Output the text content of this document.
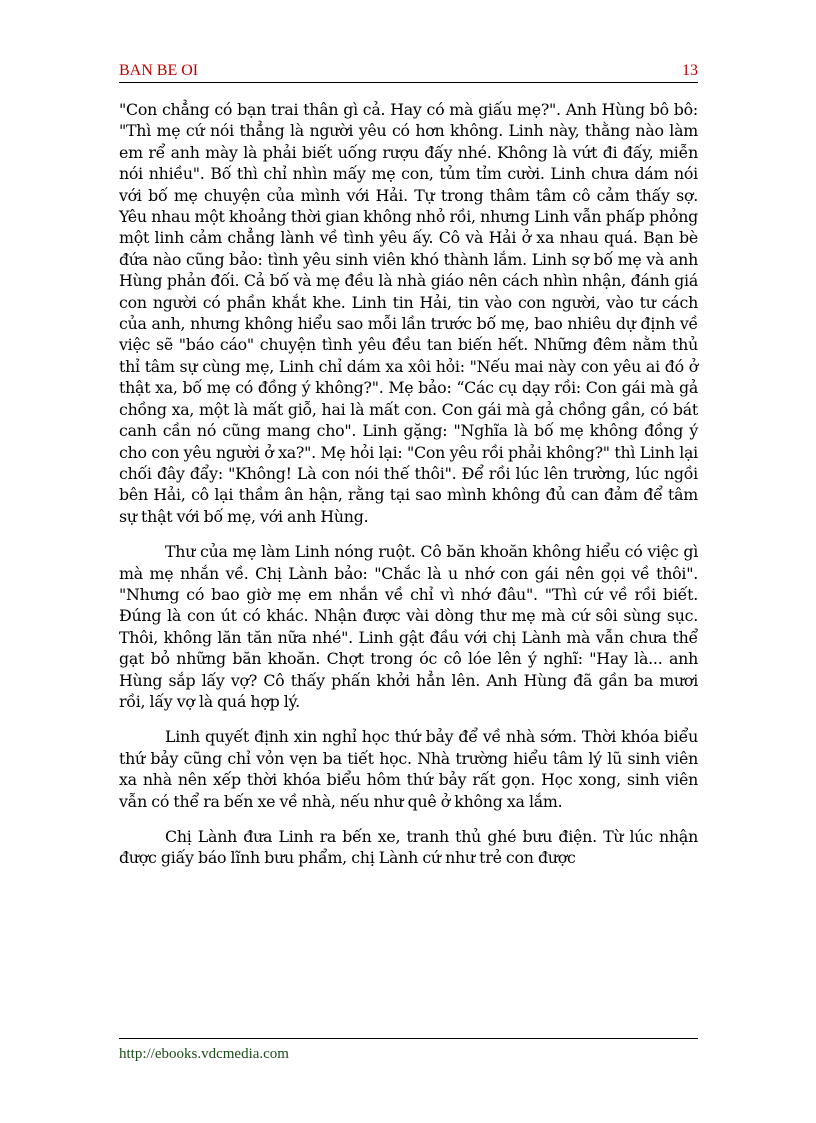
BAN BE OI	13

"Con chẳng có bạn trai thân gì cả. Hay có mà giấu mẹ?". Anh Hùng bô bô: "Thì mẹ cứ nói thẳng là người yêu có hơn không. Linh này, thằng nào làm em rể anh mày là phải biết uống rượu đấy nhé. Không là vứt đi đấy, miễn nói nhiều". Bố thì chỉ nhìn mấy mẹ con, tủm tỉm cười. Linh chưa dám nói với bố mẹ chuyện của mình với Hải. Tự trong thâm tâm cô cảm thấy sợ. Yêu nhau một khoảng thời gian không nhỏ rồi, nhưng Linh vẫn phấp phỏng một linh cảm chẳng lành về tình yêu ấy. Cô và Hải ở xa nhau quá. Bạn bè đứa nào cũng bảo: tình yêu sinh viên khó thành lắm. Linh sợ bố mẹ và anh Hùng phản đối. Cả bố và mẹ đều là nhà giáo nên cách nhìn nhận, đánh giá con người có phần khắt khe. Linh tin Hải, tin vào con người, vào tư cách của anh, nhưng không hiểu sao mỗi lần trước bố mẹ, bao nhiêu dự định về việc sẽ "báo cáo" chuyện tình yêu đều tan biến hết. Những đêm nằm thủ thỉ tâm sự cùng mẹ, Linh chỉ dám xa xôi hỏi: "Nếu mai này con yêu ai đó ở thật xa, bố mẹ có đồng ý không?". Mẹ bảo: “Các cụ dạy rồi: Con gái mà gả chồng xa, một là mất giỗ, hai là mất con. Con gái mà gả chồng gần, có bát canh cần nó cũng mang cho". Linh gặng: "Nghĩa là bố mẹ không đồng ý cho con yêu người ở xa?". Mẹ hỏi lại: "Con yêu rồi phải không?" thì Linh lại chối đây đẩy: "Không! Là con nói thế thôi". Để rồi lúc lên trường, lúc ngồi bên Hải, cô lại thầm ân hận, rằng tại sao mình không đủ can đảm để tâm sự thật với bố mẹ, với anh Hùng.

Thư của mẹ làm Linh nóng ruột. Cô băn khoăn không hiểu có việc gì mà mẹ nhắn về. Chị Lành bảo: "Chắc là u nhớ con gái nên gọi về thôi". "Nhưng có bao giờ mẹ em nhắn về chỉ vì nhớ đâu". "Thì cứ về rồi biết. Đúng là con út có khác. Nhận được vài dòng thư mẹ mà cứ sôi sùng sục. Thôi, không lăn tăn nữa nhé". Linh gật đầu với chị Lành mà vẫn chưa thể gạt bỏ những băn khoăn. Chợt trong óc cô lóe lên ý nghĩ: "Hay là... anh Hùng sắp lấy vợ? Cô thấy phấn khởi hẳn lên. Anh Hùng đã gần ba mươi rồi, lấy vợ là quá hợp lý.

Linh quyết định xin nghỉ học thứ bảy để về nhà sớm. Thời khóa biểu thứ bảy cũng chỉ vỏn vẹn ba tiết học. Nhà trường hiểu tâm lý lũ sinh viên xa nhà nên xếp thời khóa biểu hôm thứ bảy rất gọn. Học xong, sinh viên vẫn có thể ra bến xe về nhà, nếu như quê ở không xa lắm.

Chị Lành đưa Linh ra bến xe, tranh thủ ghé bưu điện. Từ lúc nhận được giấy báo lĩnh bưu phẩm, chị Lành cứ như trẻ con được

http://ebooks.vdcmedia.com
